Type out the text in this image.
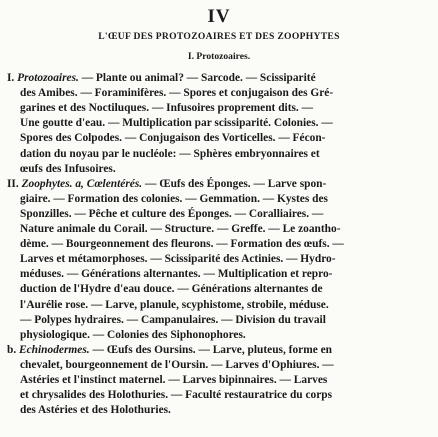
IV
L'ŒUF DES PROTOZOAIRES ET DES ZOOPHYTES
I. Protozoaires.
I. Protozoaires. — Plante ou animal? — Sarcode. — Scissiparité
des Amibes. — Foraminifères. — Spores et conjugaison des Gré-
garines et des Noctiluques. — Infusoires proprement dits. —
Une goutte d'eau. — Multiplication par scissiparité. Colonies. —
Spores des Colpodes. — Conjugaison des Vorticelles. — Fécon-
dation du noyau par le nucléole: — Sphères embryonnaires et
œufs des Infusoires.
II. Zoophytes. a, Cœlentérés. — Œufs des Éponges. — Larve spon-
giaire. — Formation des colonies. — Gemmation. — Kystes des
Sponzilles. — Pêche et culture des Éponges. — Coralliaires. —
Nature animale du Corail. — Structure. — Greffe. — Le zoantho-
dème. — Bourgeonnement des fleurons. — Formation des œufs. —
Larves et métamorphoses. — Scissiparité des Actinies. — Hydro-
méduses. — Générations alternantes. — Multiplication et repro-
duction de l'Hydre d'eau douce. — Générations alternantes de
l'Aurélie rose. — Larve, planule, scyphistome, strobile, méduse.
— Polypes hydraires. — Campanulaires. — Division du travail
physiologique. — Colonies des Siphonophores.
b. Echinodermes. — Œufs des Oursins. — Larve, pluteus, forme en
chevalet, bourgeonnement de l'Oursin. — Larves d'Ophiures. —
Astéries et l'instinct maternel. — Larves bipinnaires. — Larves
et chrysalides des Holothuries. — Faculté restauratrice du corps
des Astéries et des Holothuries.
